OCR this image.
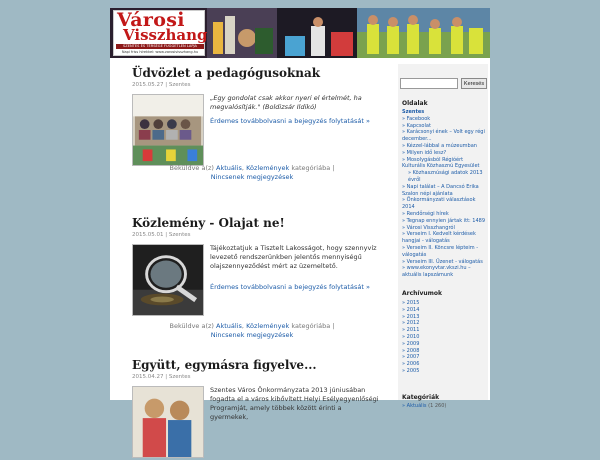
Városi
Visszhang
SZENTES ÉS TÉRSÉGE FÜGGETLEN LAPJA
Napi friss hírekkel: www.varosivisszhang.hu
Üdvözlet a pedagógusoknak
2015.05.27 | Szentes
„Egy gondolat csak akkor nyeri el értelmét, ha megvalósítják." (Boldizsár Ildikó)
Érdemes továbbolvasni a bejegyzés folytatását »
Beküldve a(z) Aktuális, Közlemények kategóriába | Nincsenek megjegyzések
Közlemény - Olajat ne!
2015.05.01 | Szentes
Tájékoztatjuk a Tisztelt Lakosságot, hogy szennyvíz levezető rendszerünkben jelentős mennyiségű olajszennyeződést mért az üzemeltető.
Érdemes továbbolvasni a bejegyzés folytatását »
Beküldve a(z) Aktuális, Közlemények kategóriába | Nincsenek megjegyzések
Együtt, egymásra figyelve...
2015.04.27 | Szentes
Szentes Város Önkormányzata 2013 júniusában fogadta el a város kibővített Helyi Esélyegyenlőségi Programját, amely többek között érinti a gyermekek,
Keresés
Oldalak
Szentes
» Facebook
» Kapcsolat
» Karácsonyi ének – Volt egy régi december...
» Kézzel-lábbal a múzeumban
» Milyen idő lesz?
» Mosolygásból Régióért Kulturális Közhasznú Egyesület
» Közhasznúsági adatok 2013 évről
» Napi találat – A Dancsó Erika Szalon népi ajánlata
» Önkormányzati választások 2014
» Rendőrségi hírek
» Tegnap ennyien jártak itt: 1489
» Városi Visszhangról
» Verseim I. Kedvelt kérdések hangjai - válogatás
» Verseim II. Köncsre lépteim - válogatás
» Verseim III. Üzenet - válogatás
» www.ekonyvtar.vkszi.hu – aktuális lapszámunk
Archívumok
» 2015
» 2014
» 2013
» 2012
» 2011
» 2010
» 2009
» 2008
» 2007
» 2006
» 2005
Kategóriák
» Aktuális (1 260)
